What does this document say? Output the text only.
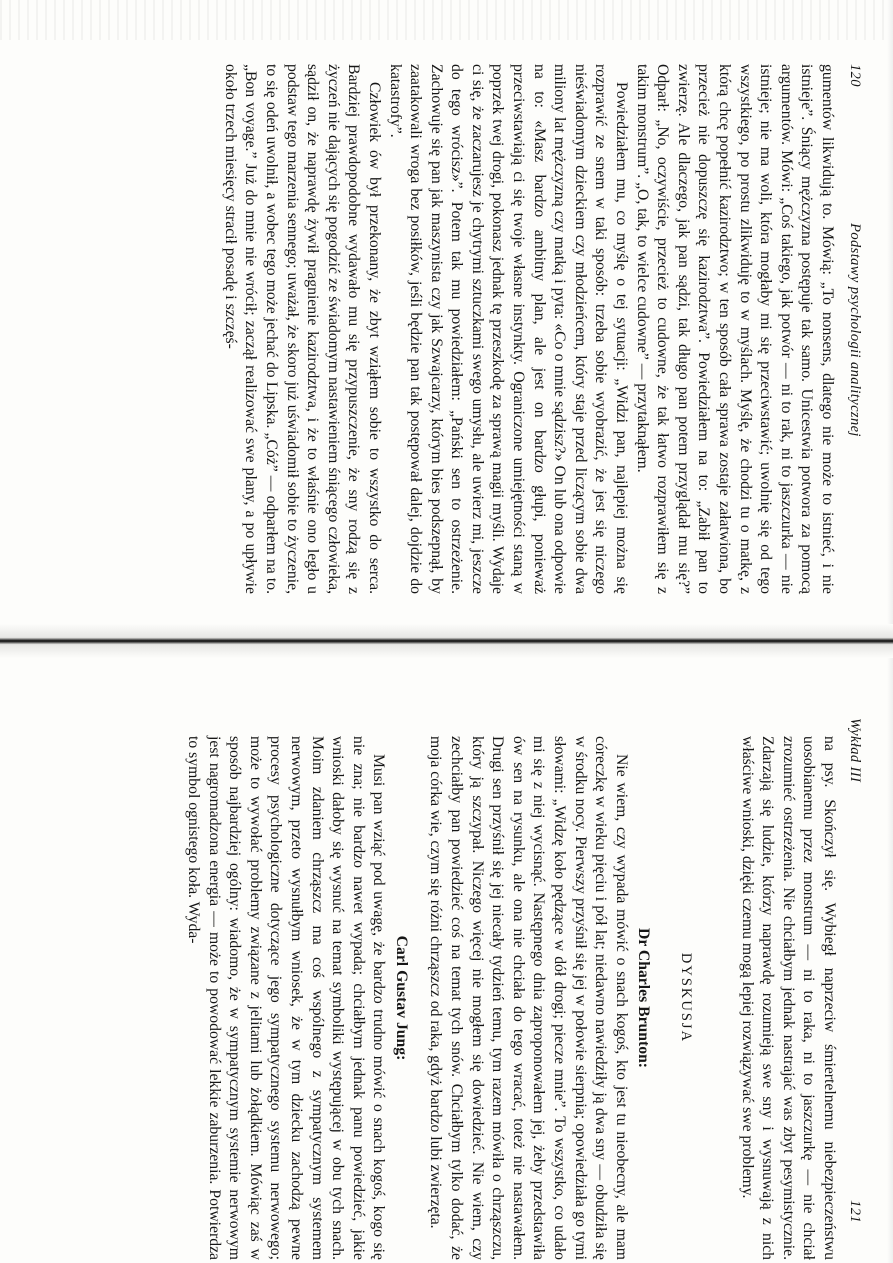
120
Podstawy psychologii analitycznej

gumentów likwidują to. Mówią: „To nonsens, dlatego nie może to istnieć, i nie istnieje”. Śniący mężczyzna postępuje tak samo. Unicestwia potwora za pomocą argumentów. Mówi: „Coś takiego, jak potwór — ni to rak, ni to jaszczurka — nie istnieje; nie ma woli, która mogłaby mi się przeciwstawić; uwolnię się od tego wszystkiego, po prostu zlikwiduję to w myślach. Myślę, że chodzi tu o matkę, z którą chcę popełnić kazirodztwo; w ten sposób cała sprawa zostaje załatwiona, bo przecież nie dopuszczę się kazirodztwa”. Powiedziałem na to: „Zabił pan to zwierzę. Ale dlaczego, jak pan sądzi, tak długo pan potem przyglądał mu się?” Odparł: „No, oczywiście, przecież to cudowne, że tak łatwo rozprawiłem się z takim monstrum”. „O, tak, to wielce cudowne” — przytaknąłem.

Powiedziałem mu, co myślę o tej sytuacji: „Widzi pan, najlepiej można się rozprawić ze snem w taki sposób: trzeba sobie wyobrazić, że jest się niczego nieświadomym dzieckiem czy młodzieńcem, który staje przed liczącym sobie dwa miliony lat mężczyzną czy matką i pyta: «Co o mnie sądzisz?» On lub ona odpowie na to: «Masz bardzo ambitny plan, ale jest on bardzo głupi, ponieważ przeciwstawiają ci się twoje własne instynkty. Ograniczone umiejętności staną w poprzek twej drogi, pokonasz jednak tę przeszkodę za sprawą magii myśli. Wydaje ci się, że zaczarujesz je chytrymi sztuczkami swego umysłu, ale uwierz mi, jeszcze do tego wrócisz»”. Potem tak mu powiedziałem: „Pański sen to ostrzeżenie. Zachowuje się pan jak maszynista czy jak Szwajcarzy, którym bies podszepnął, by zaatakowali wroga bez posiłków, jeśli będzie pan tak postępował dalej, dojdzie do katastrofy”.

Człowiek ów był przekonany, że zbyt wziąłem sobie to wszystko do serca. Bardziej prawdopodobne wydawało mu się przypuszczenie, że sny rodzą się z życzeń nie dających się pogodzić ze świadomym nastawieniem śniącego człowieka, sądził on, że naprawdę żywił pragnienie kazirodztwa, i że to właśnie ono legło u podstaw tego marzenia sennego; uważał, że skoro już uświadomił sobie to życzenie, to się odeń uwolnił, a wobec tego może jechać do Lipska. „Cóż” — odparłem na to. „Bon voyage.” Już do mnie nie wrócił; zaczął realizować swe plany, a po upływie około trzech miesięcy stracił posadę i szczęś-

Wykład III
121

na psy. Skończył się. Wybiegł naprzeciw śmiertelnemu niebezpieczeństwu uosobianemu przez monstrum — ni to raka, ni to jaszczurkę — nie chciał zrozumieć ostrzeżenia. Nie chciałbym jednak nastrajać was zbyt pesymistycznie. Zdarzają się ludzie, którzy naprawdę rozumieją swe sny i wysnuwają z nich właściwe wnioski, dzięki czemu mogą lepiej rozwiązywać swe problemy.

DYSKUSJA
Dr Charles Brunton:

Nie wiem, czy wypada mówić o snach kogoś, kto jest tu nieobecny, ale mam córeczkę w wieku pięciu i pół lat; niedawno nawiedziły ją dwa sny — obudziła się w środku nocy. Pierwszy przyśnił się jej w połowie sierpnia; opowiedziała go tymi słowami: „Widzę koło pędzące w dół drogi; piecze mnie”. To wszystko, co udało mi się z niej wycisnąć. Następnego dnia zaproponowałem jej, żeby przedstawiła ów sen na rysunku, ale ona nie chciała do tego wracać, toteż nie nastawałem. Drugi sen przyśnił się jej niecały tydzień temu, tym razem mówiła o chrząszczu, który ją szczypał. Niczego więcej nie mogłem się dowiedzieć. Nie wiem, czy zechciałby pan powiedzieć coś na temat tych snów. Chciałbym tylko dodać, że moja córka wie, czym się różni chrząszcz od raka, gdyż bardzo lubi zwierzęta.

Carl Gustav Jung:

Musi pan wziąć pod uwagę, że bardzo trudno mówić o snach kogoś, kogo się nie zna; nie bardzo nawet wypada; chciałbym jednak panu powiedzieć, jakie wnioski dałoby się wysnuć na temat symboliki występującej w obu tych snach. Moim zdaniem chrząszcz ma coś wspólnego z sympatycznym systemem nerwowym, przeto wysnułbym wniosek, że w tym dziecku zachodzą pewne procesy psychologiczne dotyczące jego sympatycznego systemu nerwowego; może to wywołać problemy związane z jelitami lub żołądkiem. Mówiąc zaś w sposób najbardziej ogólny: wiadomo, że w sympatycznym systemie nerwowym jest nagromadzona energia — może to powodować lekkie zaburzenia. Potwierdza to symbol ognistego koła. Wyda-
